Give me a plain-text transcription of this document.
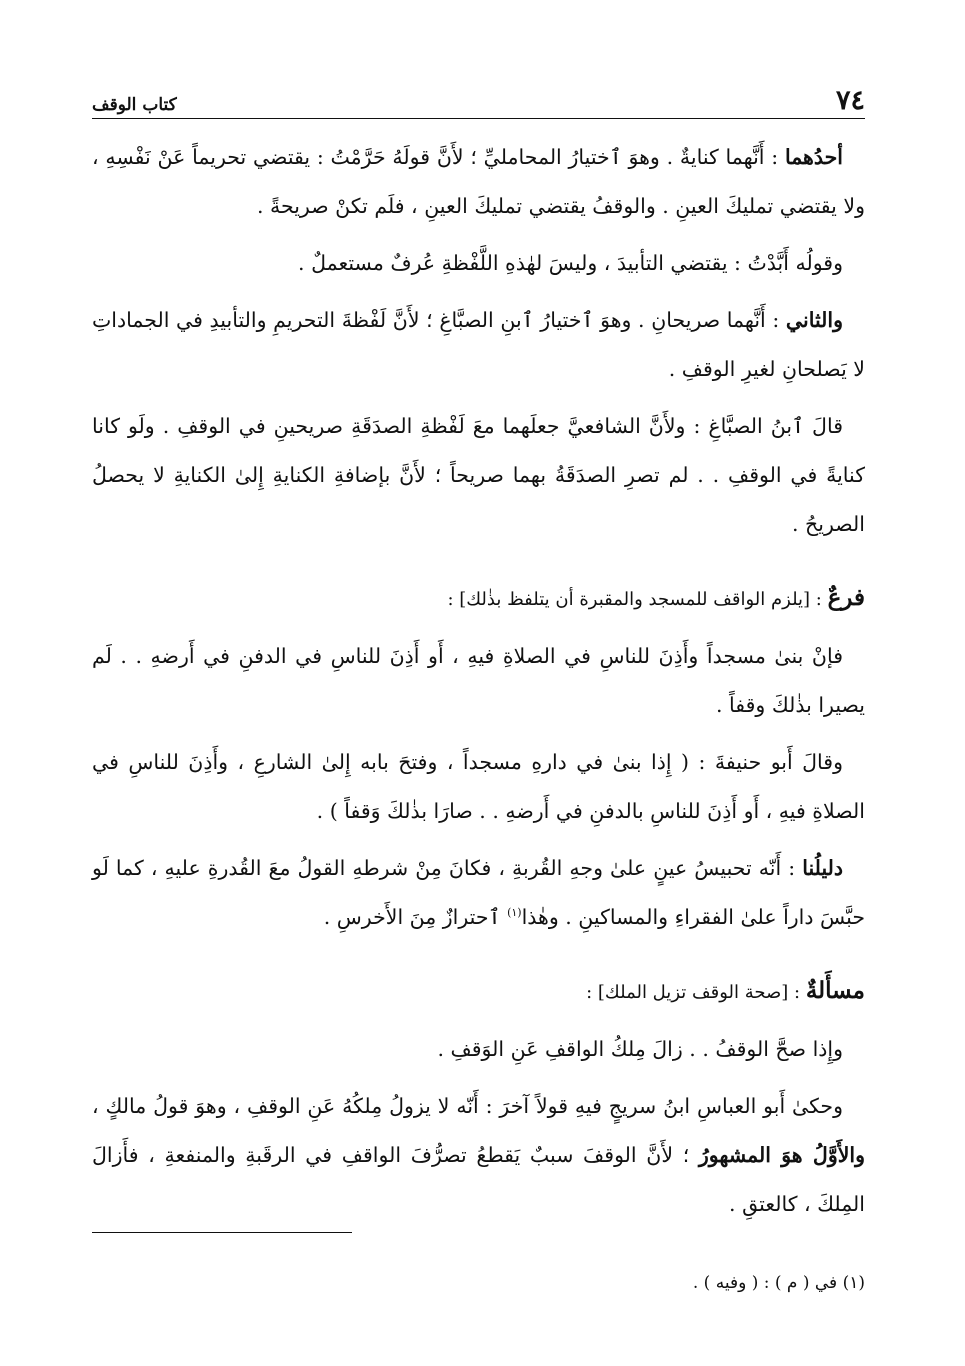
٧٤
كتاب الوقف

أحدُهما : أَنَّهما كنايةٌ . وهوَ ٱختيارُ المحامليِّ ؛ لأَنَّ قولَهُ حَرَّمْتُ : يقتضي تحريماً عَنْ نَفْسِهِ ، ولا يقتضي تمليكَ العينِ . والوقفُ يقتضي تمليكَ العينِ ، فلَم تكنْ صريحةً .

وقولُه أَبَّدْتُ : يقتضي التأبيدَ ، وليسَ لهٰذهِ اللَّفْظةِ عُرفٌ مستعملٌ .

والثاني : أَنَّهما صريحانِ . وهوَ ٱختيارُ ٱبنِ الصبَّاغِ ؛ لأَنَّ لَفْظةَ التحريمِ والتأبيدِ في الجماداتِ لا يَصلحانِ لغيرِ الوقفِ .

قالَ ٱبنُ الصبَّاغِ : ولأَنَّ الشافعيَّ جعلَهما معَ لَفْظةِ الصدَقَةِ صريحينِ في الوقفِ . ولَو كانا كنايةً في الوقفِ . . لم تصرِ الصدَقَةُ بهما صريحاً ؛ لأَنَّ بإضافةِ الكنايةِ إِلىٰ الكنايةِ لا يحصلُ الصريحُ .

فرعٌ : [يلزم الواقف للمسجد والمقبرة أن يتلفظ بذٰلك] :

فإنْ بنىٰ مسجداً وأَذِنَ للناسِ في الصلاةِ فيهِ ، أَو أَذِنَ للناسِ في الدفنِ في أَرضهِ . . لَم يصيرا بذٰلكَ وقفاً .

وقالَ أَبو حنيفةَ : ( إِذا بنىٰ في دارهِ مسجداً ، وفتحَ بابه إِلىٰ الشارعِ ، وأَذِنَ للناسِ في الصلاةِ فيهِ ، أَو أَذِنَ للناسِ بالدفنِ في أَرضهِ . . صارَا بذٰلكَ وَقفاً ) .

دليلُنا : أَنّه تحبيسُ عينٍ علىٰ وجهِ القُربةِ ، فكانَ مِنْ شرطهِ القولُ معَ القُدرةِ عليهِ ، كما لَو حبَّسَ داراً علىٰ الفقراءِ والمساكينِ . وهٰذا$^{(١)}$ ٱحترازٌ مِنَ الأَخرسِ .

مسأَلةٌ : [صحة الوقف تزيل الملك] :

وإِذا صحَّ الوقفُ . . زالَ مِلكُ الواقفِ عَنِ الوَقفِ .

وحكىٰ أَبو العباسِ ابنُ سريجٍ فيهِ قولاً آخرَ : أَنّه لا يزولُ مِلكُهُ عَنِ الوقفِ ، وهوَ قولُ مالكٍ ، والأَوَّلُ هوَ المشهورُ ؛ لأَنَّ الوقفَ سببٌ يَقطعُ تصرُّفَ الواقفِ في الرقَبةِ والمنفعةِ ، فأَزالَ المِلكَ ، كالعتقِ .

(١) في ( م ) : ( وفيه ) .
